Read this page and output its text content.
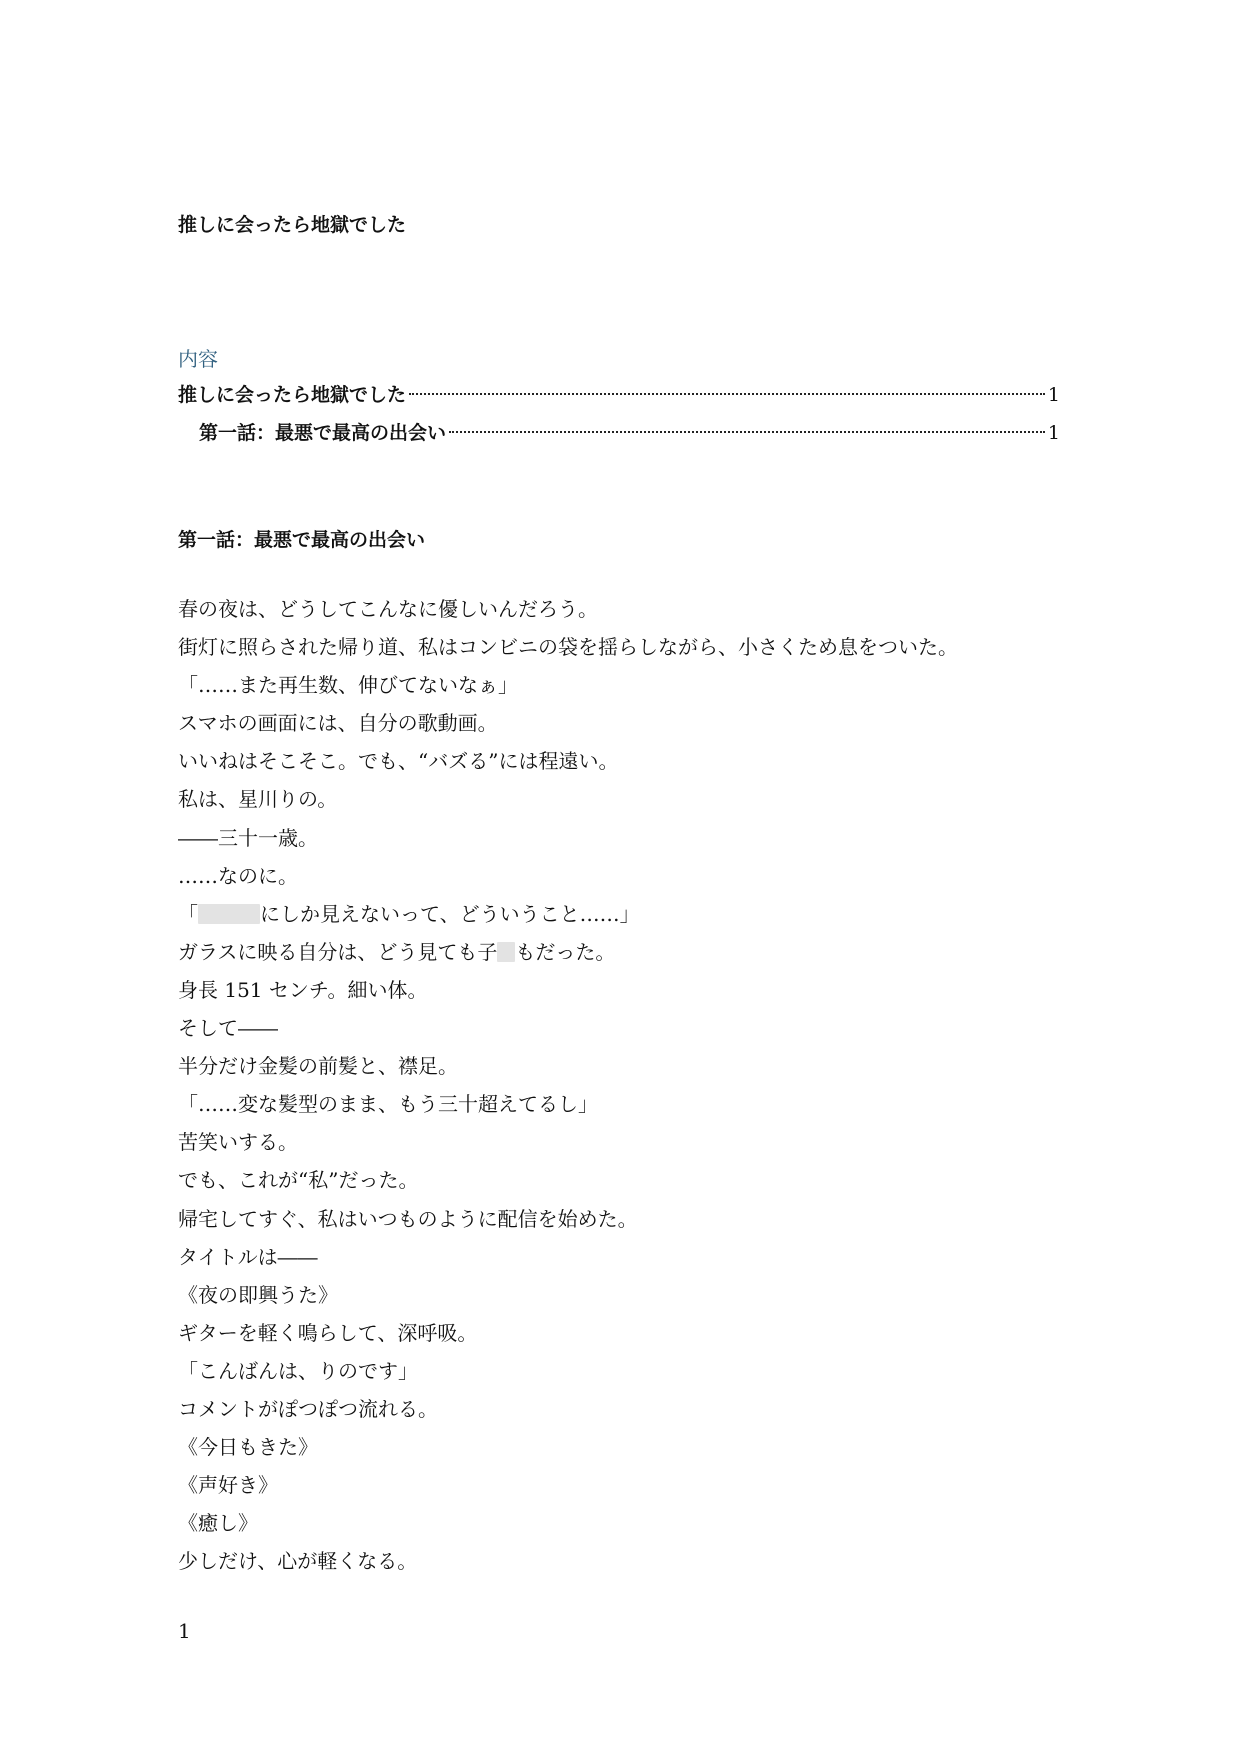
推しに会ったら地獄でした
内容
推しに会ったら地獄でした	1
第一話：最悪で最高の出会い	1
第一話：最悪で最高の出会い
春の夜は、どうしてこんなに優しいんだろう。
街灯に照らされた帰り道、私はコンビニの袋を揺らしながら、小さくため息をついた。
「……また再生数、伸びてないなぁ」
スマホの画面には、自分の歌動画。
いいねはそこそこ。でも、“バズる”には程遠い。
私は、星川りの。
――三十一歳。
……なのに。
「	にしか見えないって、どういうこと……」
ガラスに映る自分は、どう見ても子 もだった。
身長 151 センチ。細い体。
そして――
半分だけ金髪の前髪と、襟足。
「……変な髪型のまま、もう三十超えてるし」
苦笑いする。
でも、これが“私”だった。
帰宅してすぐ、私はいつものように配信を始めた。
タイトルは――
《夜の即興うた》
ギターを軽く鳴らして、深呼吸。
「こんばんは、りのです」
コメントがぽつぽつ流れる。
《今日もきた》
《声好き》
《癒し》
少しだけ、心が軽くなる。
1
